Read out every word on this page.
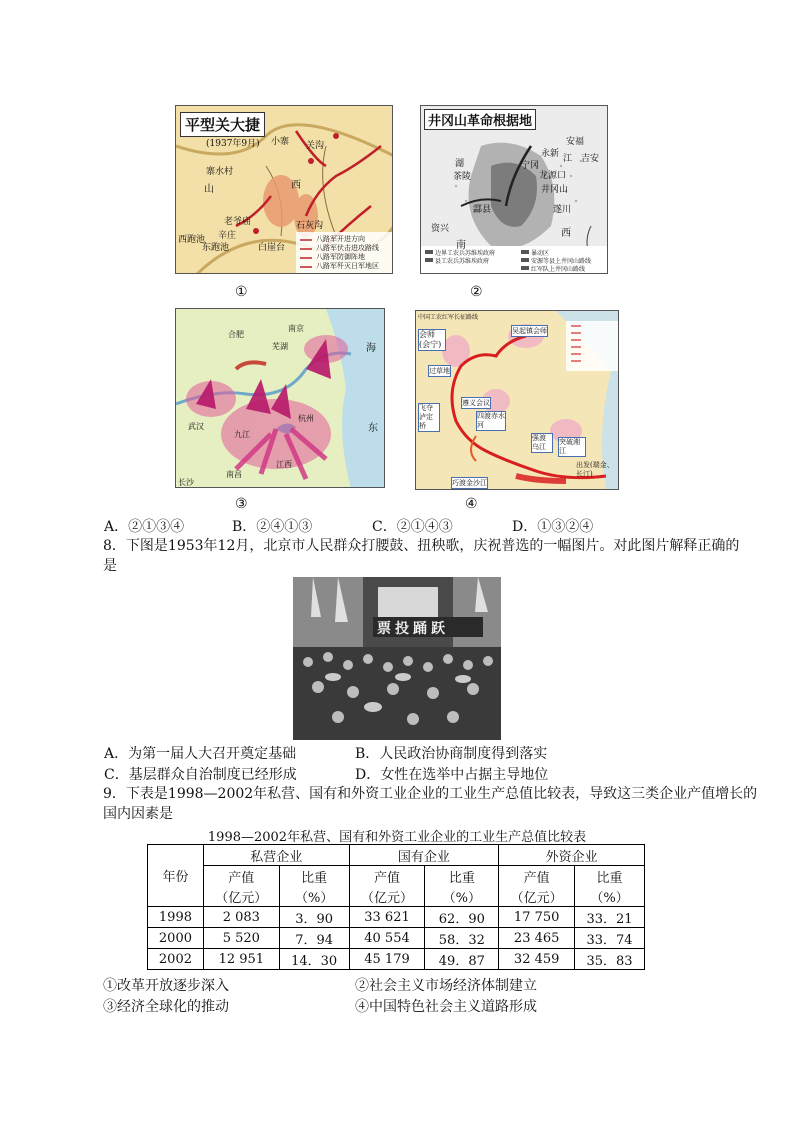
平型关大捷
(1937年9月)
寨水村
小寨
老爷庙
辛庄
西跑池
东跑池
石灰沟
白崖台
关沟
山	西
八路军开进方向
八路军伏击进攻路线
八路军防御阵地
八路军歼灭日军地区
①
井冈山革命根据地
安福
江 吉安
永新
湖
茶陵
宁冈
龙源口
井冈山
酃县	遂川
资兴	西
南
边界工农兵苏维埃政府
县工农兵苏维埃政府
暴动区
安源等县上井冈山路线
红军队上井冈山路线
②
合肥
南京
芜湖
杭州
九江
南昌
长沙
武汉
江西
东
海
③
中国工农红军长征路线
会师(会宁)
过草地
飞夺泸定桥
巧渡金沙江
四渡赤水河
强渡乌江
遵义会议
突破湘江
出发(瑞金、长汀)
吴起镇会师
④
A．②①③④	B．②④①③	C．②①④③	D．①③②④
8．下图是1953年12月，北京市人民群众打腰鼓、扭秧歌，庆祝普选的一幅图片。对此图片解释正确的
是
票投踊跃
A．为第一届人大召开奠定基础	B．人民政治协商制度得到落实
C．基层群众自治制度已经形成	D．女性在选举中占据主导地位
9．下表是1998—2002年私营、国有和外资工业企业的工业生产总值比较表，导致这三类企业产值增长的
国内因素是
1998—2002年私营、国有和外资工业企业的工业生产总值比较表
年份	私营企业		国有企业		外资企业	
	产值	比重	产值	比重	产值	比重
	（亿元）	（%）	（亿元）	（%）	（亿元）	（%）
1998	2 083	3．90	33 621	62．90	17 750	33．21
2000	5 520	7．94	40 554	58．32	23 465	33．74
2002	12 951	14．30	45 179	49．87	32 459	35．83
①改革开放逐步深入	②社会主义市场经济体制建立
③经济全球化的推动	④中国特色社会主义道路形成
